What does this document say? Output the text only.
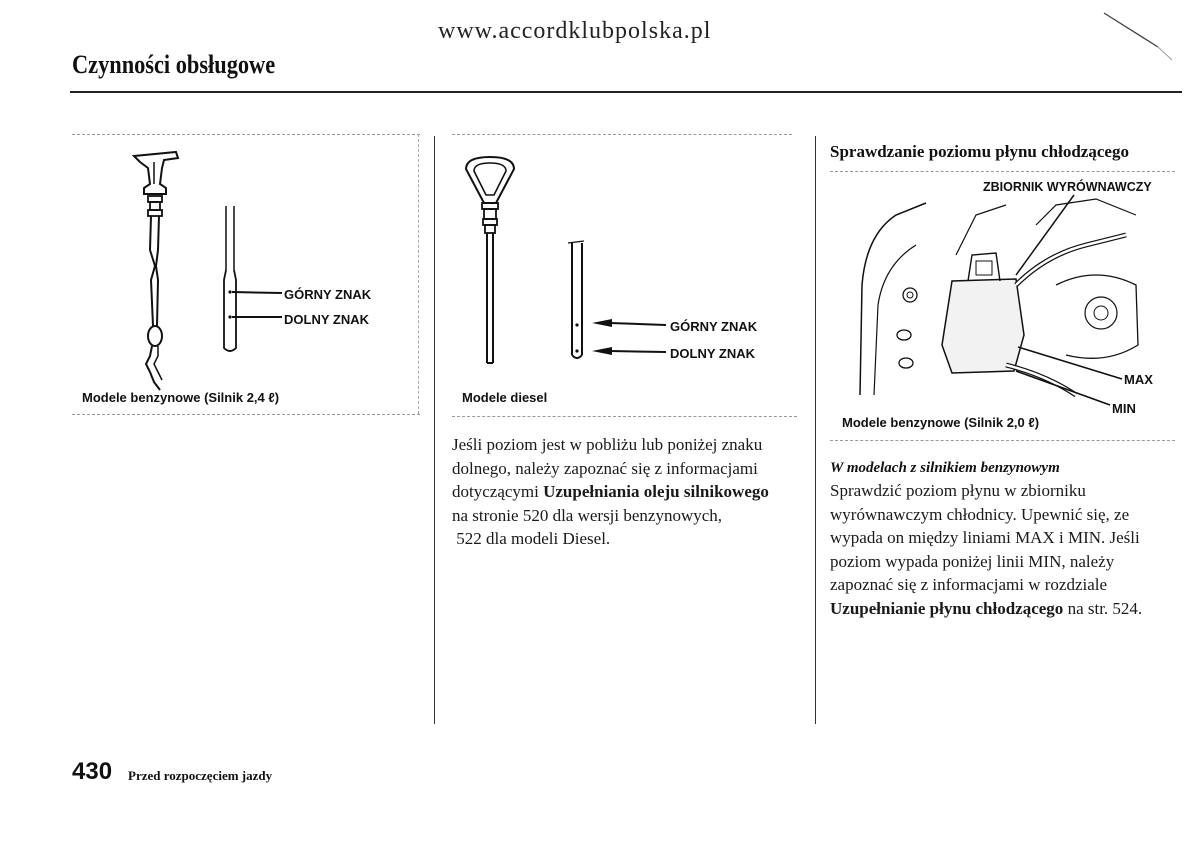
www.accordklubpolska.pl
Czynności obsługowe
GÓRNY ZNAK
DOLNY ZNAK
Modele benzynowe (Silnik 2,4 ℓ)
GÓRNY ZNAK
DOLNY ZNAK
Modele diesel
Jeśli poziom jest w pobliżu lub poniżej znaku
dolnego, należy zapoznać się z informacjami
dotyczącymi Uzupełniania oleju silnikowego
na stronie 520 dla wersji benzynowych,
522 dla modeli Diesel.
Sprawdzanie poziomu płynu chłodzącego
ZBIORNIK WYRÓWNAWCZY
MAX
MIN
Modele benzynowe (Silnik 2,0 ℓ)
W modelach z silnikiem benzynowym
Sprawdzić poziom płynu w zbiorniku
wyrównawczym chłodnicy. Upewnić się, ze
wypada on między liniami MAX i MIN. Jeśli
poziom wypada poniżej linii MIN, należy
zapoznać się z informacjami w rozdziale
Uzupełnianie płynu chłodzącego na str. 524.
430 Przed rozpoczęciem jazdy
